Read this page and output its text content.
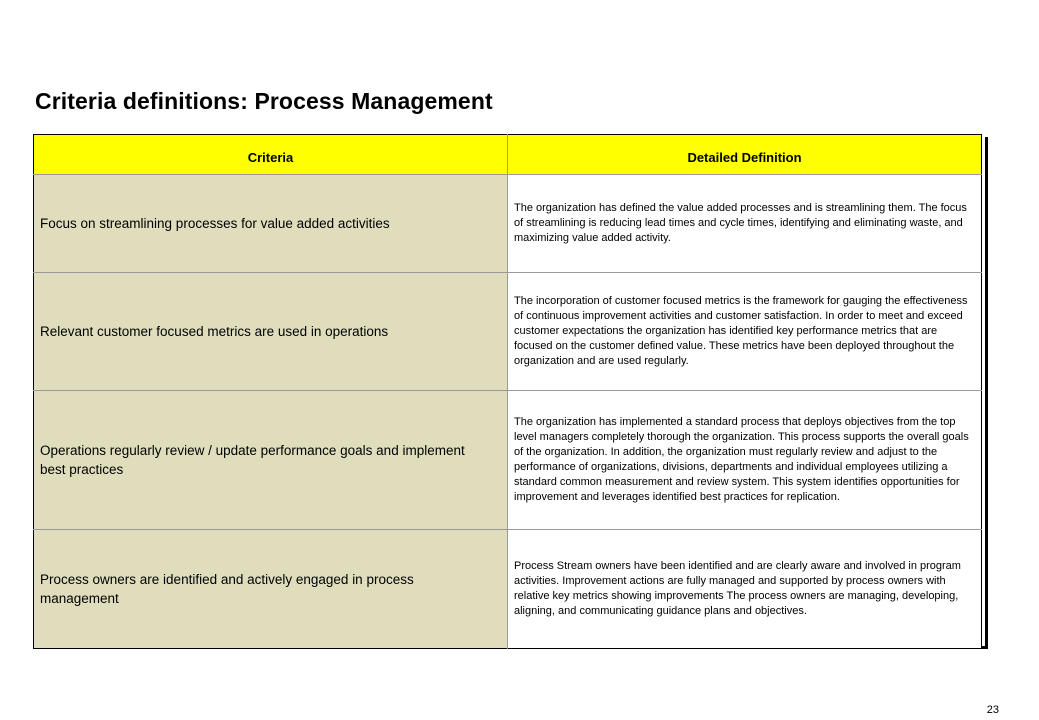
Criteria definitions: Process Management
Criteria	Detailed Definition
Focus on streamlining processes for value added activities	The organization has defined the value added processes and is streamlining them. The focus of streamlining is reducing lead times and cycle times, identifying and eliminating waste, and maximizing value added activity.
Relevant customer focused metrics are used in operations	The incorporation of customer focused metrics is the framework for gauging the effectiveness of continuous improvement activities and customer satisfaction. In order to meet and exceed customer expectations the organization has identified key performance metrics that are focused on the customer defined value. These metrics have been deployed throughout the organization and are used regularly.
Operations regularly review / update performance goals and implement best practices	The organization has implemented a standard process that deploys objectives from the top level managers completely thorough the organization. This process supports the overall goals of the organization. In addition, the organization must regularly review and adjust to the performance of organizations, divisions, departments and individual employees utilizing a standard common measurement and review system. This system identifies opportunities for improvement and leverages identified best practices for replication.
Process owners are identified and actively engaged in process management	Process Stream owners have been identified and are clearly aware and involved in program activities. Improvement actions are fully managed and supported by process owners with relative key metrics showing improvements The process owners are managing, developing, aligning, and communicating guidance plans and objectives.
23
